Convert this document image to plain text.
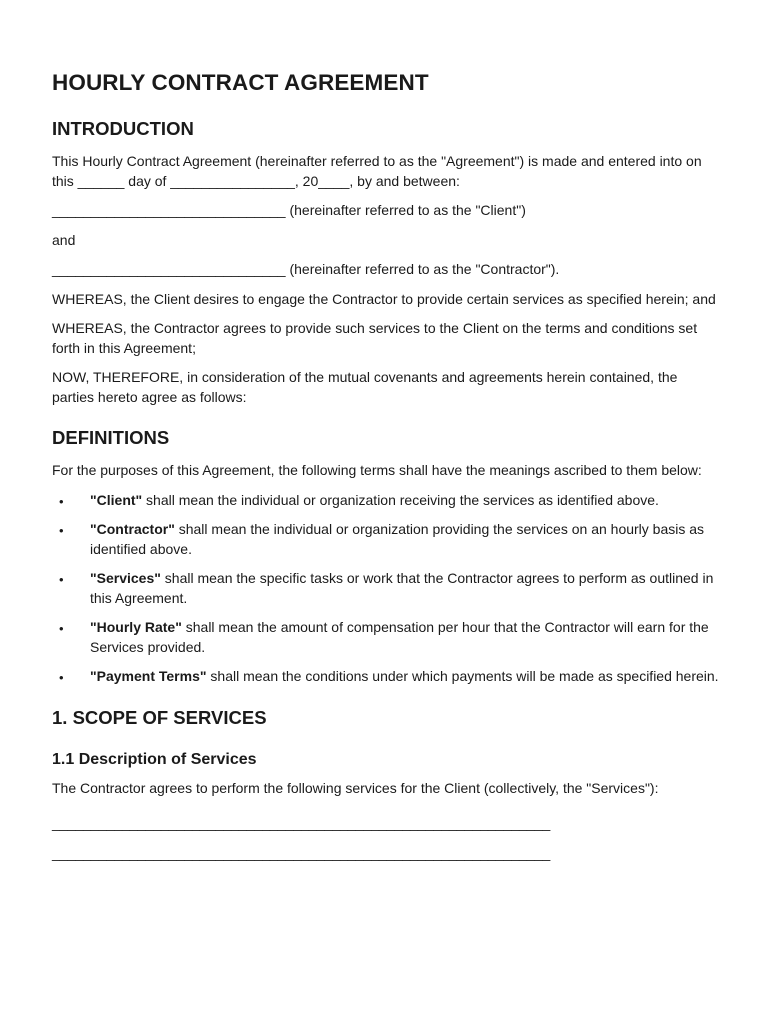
HOURLY CONTRACT AGREEMENT
INTRODUCTION

This Hourly Contract Agreement (hereinafter referred to as the "Agreement") is made and entered into on this ______ day of ________________, 20____, by and between:

______________________________ (hereinafter referred to as the "Client")

and

______________________________ (hereinafter referred to as the "Contractor").

WHEREAS, the Client desires to engage the Contractor to provide certain services as specified herein; and

WHEREAS, the Contractor agrees to provide such services to the Client on the terms and conditions set forth in this Agreement;

NOW, THEREFORE, in consideration of the mutual covenants and agreements herein contained, the parties hereto agree as follows:

DEFINITIONS

For the purposes of this Agreement, the following terms shall have the meanings ascribed to them below:

• "Client" shall mean the individual or organization receiving the services as identified above.
• "Contractor" shall mean the individual or organization providing the services on an hourly basis as identified above.
• "Services" shall mean the specific tasks or work that the Contractor agrees to perform as outlined in this Agreement.
• "Hourly Rate" shall mean the amount of compensation per hour that the Contractor will earn for the Services provided.
• "Payment Terms" shall mean the conditions under which payments will be made as specified herein.
1. SCOPE OF SERVICES
1.1 Description of Services

The Contractor agrees to perform the following services for the Client (collectively, the "Services"):

________________________________________________________________

________________________________________________________________
